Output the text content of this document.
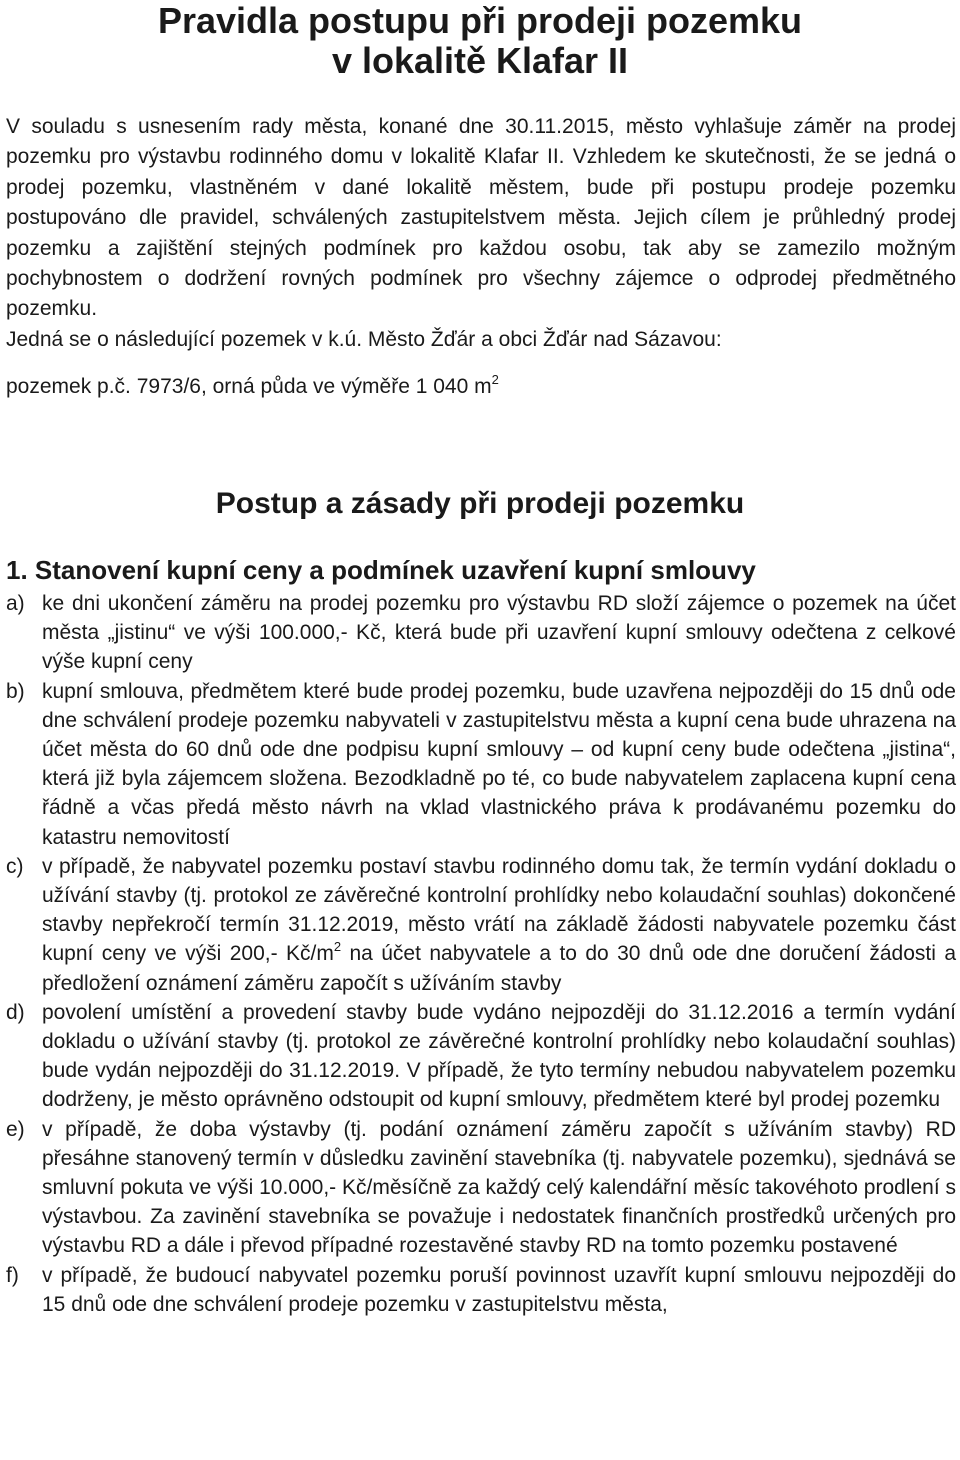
Pravidla postupu při prodeji pozemku
v lokalitě Klafar II

V souladu s usnesením rady města, konané dne 30.11.2015, město vyhlašuje záměr na prodej pozemku pro výstavbu rodinného domu v lokalitě Klafar II. Vzhledem ke skutečnosti, že se jedná o prodej pozemku, vlastněném v dané lokalitě městem, bude při postupu prodeje pozemku postupováno dle pravidel, schválených zastupitelstvem města. Jejich cílem je průhledný prodej pozemku a zajištění stejných podmínek pro každou osobu, tak aby se zamezilo možným pochybnostem o dodržení rovných podmínek pro všechny zájemce o odprodej předmětného pozemku.

Jedná se o následující pozemek v k.ú. Město Žďár a obci Žďár nad Sázavou:

pozemek p.č. 7973/6, orná půda ve výměře 1 040 $m^2$
Postup a zásady při prodeji pozemku
1. Stanovení kupní ceny a podmínek uzavření kupní smlouvy
a) ke dni ukončení záměru na prodej pozemku pro výstavbu RD složí zájemce o pozemek na účet města „jistinu“ ve výši 100.000,- Kč, která bude při uzavření kupní smlouvy odečtena z celkové výše kupní ceny
b) kupní smlouva, předmětem které bude prodej pozemku, bude uzavřena nejpozději do 15 dnů ode dne schválení prodeje pozemku nabyvateli v zastupitelstvu města a kupní cena bude uhrazena na účet města do 60 dnů ode dne podpisu kupní smlouvy – od kupní ceny bude odečtena „jistina“, která již byla zájemcem složena. Bezodkladně po té, co bude nabyvatelem zaplacena kupní cena řádně a včas předá město návrh na vklad vlastnického práva k prodávanému pozemku do katastru nemovitostí
c) v případě, že nabyvatel pozemku postaví stavbu rodinného domu tak, že termín vydání dokladu o užívání stavby (tj. protokol ze závěrečné kontrolní prohlídky nebo kolaudační souhlas) dokončené stavby nepřekročí termín 31.12.2019, město vrátí na základě žádosti nabyvatele pozemku část kupní ceny ve výši 200,- $Kč/m^2$ na účet nabyvatele a to do 30 dnů ode dne doručení žádosti a předložení oznámení záměru započít s užíváním stavby
d) povolení umístění a provedení stavby bude vydáno nejpozději do 31.12.2016 a termín vydání dokladu o užívání stavby (tj. protokol ze závěrečné kontrolní prohlídky nebo kolaudační souhlas) bude vydán nejpozději do 31.12.2019. V případě, že tyto termíny nebudou nabyvatelem pozemku dodrženy, je město oprávněno odstoupit od kupní smlouvy, předmětem které byl prodej pozemku
e) v případě, že doba výstavby (tj. podání oznámení záměru započít s užíváním stavby) RD přesáhne stanovený termín v důsledku zavinění stavebníka (tj. nabyvatele pozemku), sjednává se smluvní pokuta ve výši 10.000,- Kč/měsíčně za každý celý kalendářní měsíc takovéhoto prodlení s výstavbou. Za zavinění stavebníka se považuje i nedostatek finančních prostředků určených pro výstavbu RD a dále i převod případné rozestavěné stavby RD na tomto pozemku postavené
f)	v případě, že budoucí nabyvatel pozemku poruší povinnost uzavřít kupní smlouvu nejpozději do 15 dnů ode dne schválení prodeje pozemku v zastupitelstvu města,
